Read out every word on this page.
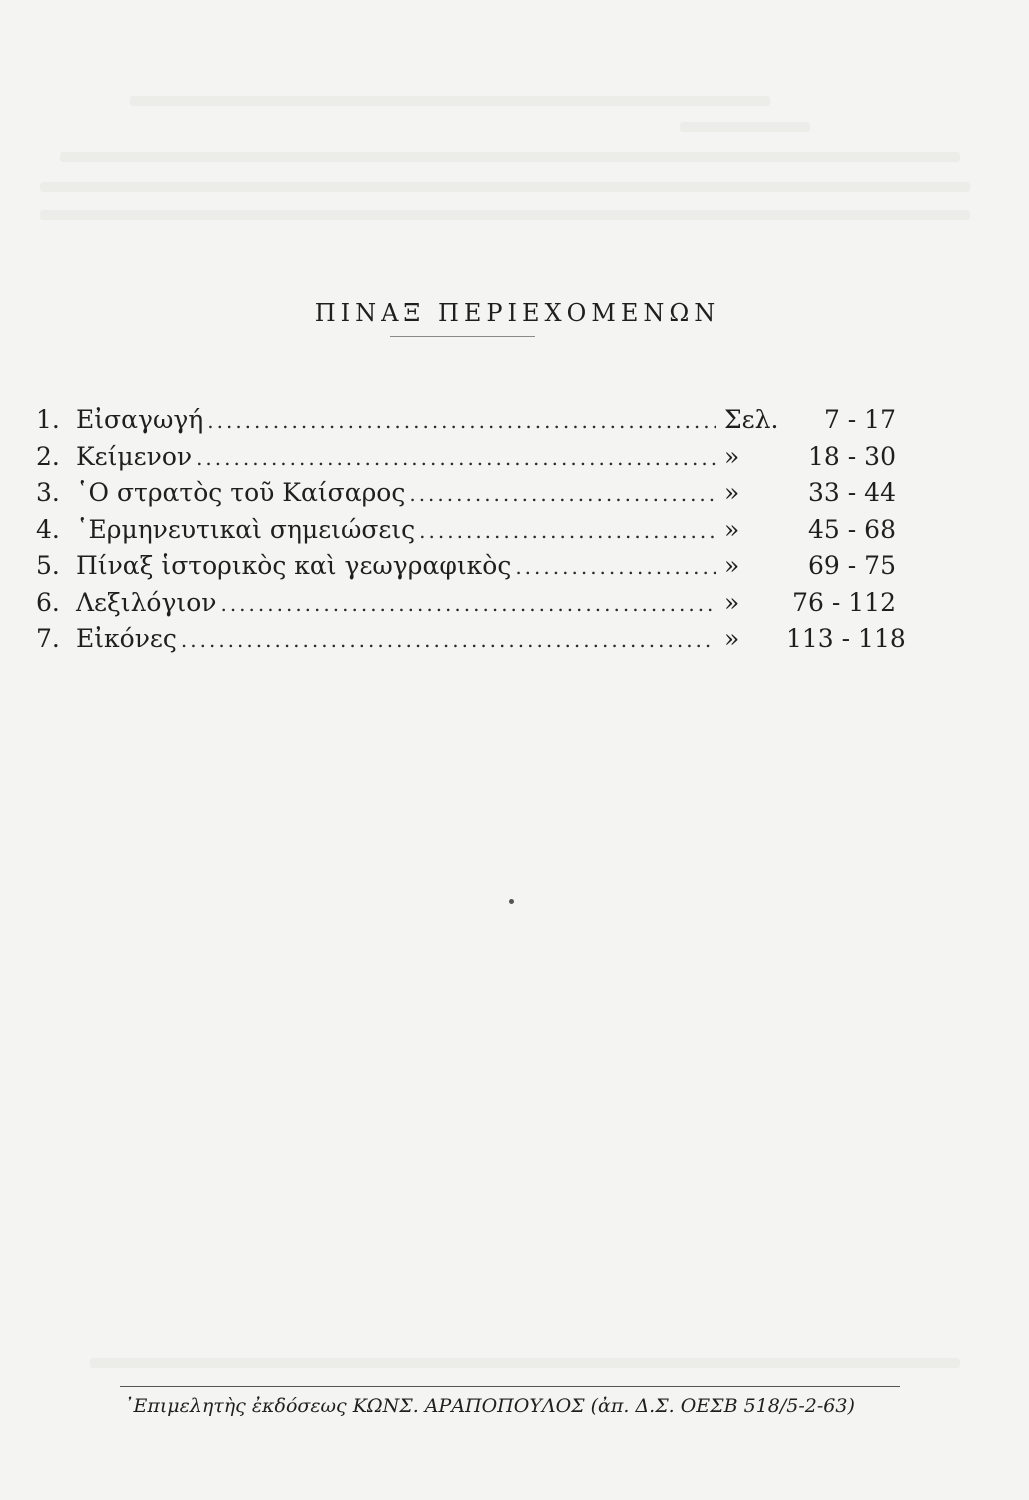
ΠΙΝΑΞ ΠΕΡΙΕΧΟΜΕΝΩΝ
1. Εἰσαγωγή .....	Σελ.	7 - 17
2. Κείμενον .....	»	18 - 30
3. ῾Ο στρατὸς τοῦ Καίσαρος .....	»	33 - 44
4. ῾Ερμηνευτικαὶ σημειώσεις .....	»	45 - 68
5. Πίναξ ἱστορικὸς καὶ γεωγραφικὸς .....	»	69 - 75
6. Λεξιλόγιον .....	»	76 - 112
7. Εἰκόνες .....	»	113 - 118
᾿Επιμελητὴς ἐκδόσεως ΚΩΝΣ. ΑΡΑΠΟΠΟΥΛΟΣ (ἀπ. Δ.Σ. ΟΕΣΒ 518/5-2-63)
